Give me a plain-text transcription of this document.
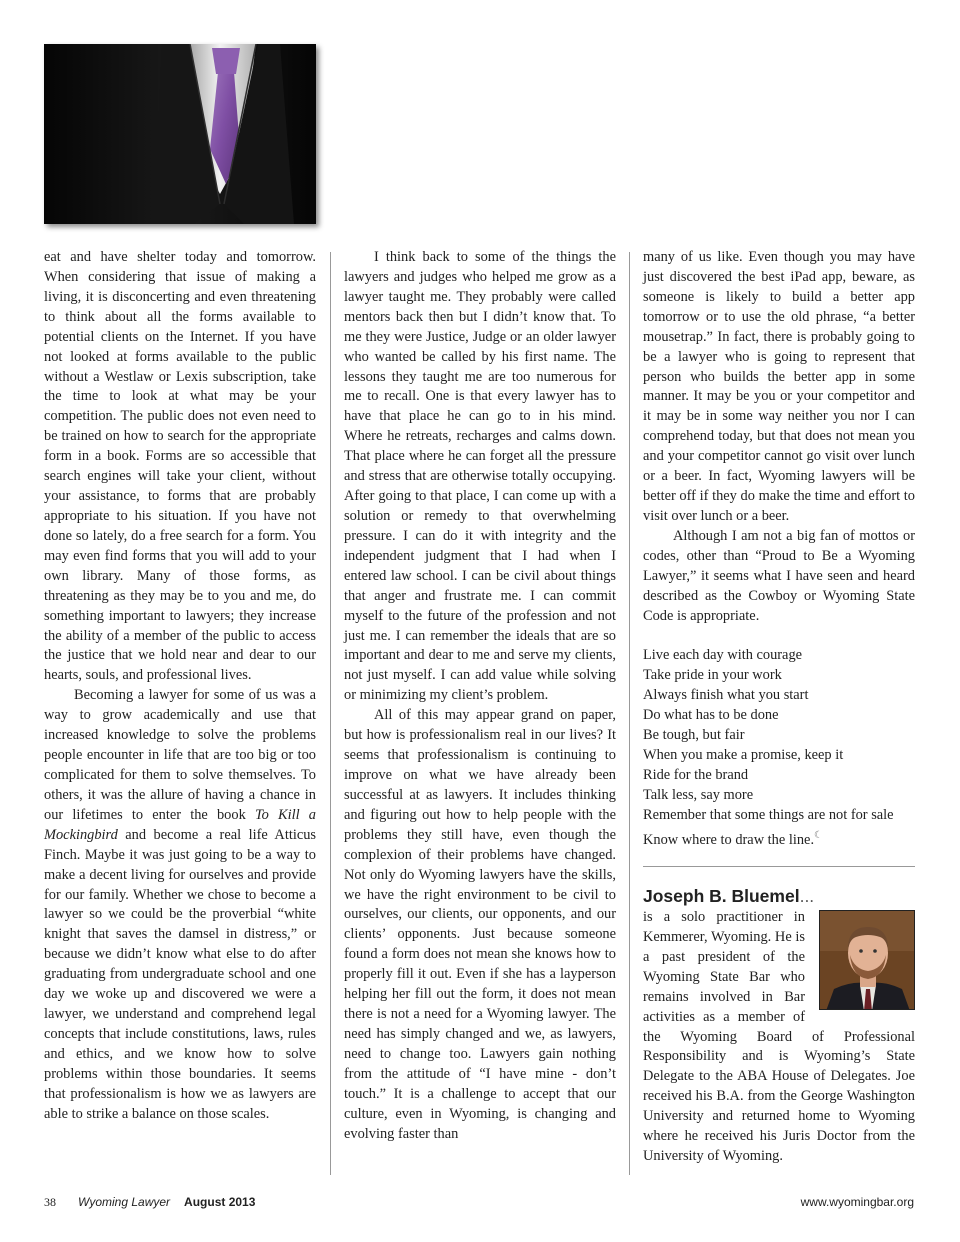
eat and have shelter today and tomorrow. When considering that issue of making a living, it is disconcerting and even threatening to think about all the forms available to potential clients on the Internet. If you have not looked at forms available to the public without a Westlaw or Lexis subscription, take the time to look at what may be your competition. The public does not even need to be trained on how to search for the appropriate form in a book. Forms are so accessible that search engines will take your client, without your assistance, to forms that are probably appropriate to his situation. If you have not done so lately, do a free search for a form. You may even find forms that you will add to your own library. Many of those forms, as threatening as they may be to you and me, do something important to lawyers; they increase the ability of a member of the public to access the justice that we hold near and dear to our hearts, souls, and professional lives.

Becoming a lawyer for some of us was a way to grow academically and use that increased knowledge to solve the problems people encounter in life that are too big or too complicated for them to solve themselves. To others, it was the allure of having a chance in our lifetimes to enter the book To Kill a Mockingbird and become a real life Atticus Finch. Maybe it was just going to be a way to make a decent living for ourselves and provide for our family. Whether we chose to become a lawyer so we could be the proverbial “white knight that saves the damsel in distress,” or because we didn’t know what else to do after graduating from undergraduate school and one day we woke up and discovered we were a lawyer, we understand and comprehend legal concepts that include constitutions, laws, rules and ethics, and we know how to solve problems within those boundaries. It seems that professionalism is how we as lawyers are able to strike a balance on those scales.

I think back to some of the things the lawyers and judges who helped me grow as a lawyer taught me. They probably were called mentors back then but I didn’t know that. To me they were Justice, Judge or an older lawyer who wanted be called by his first name. The lessons they taught me are too numerous for me to recall. One is that every lawyer has to have that place he can go to in his mind. Where he retreats, recharges and calms down. That place where he can forget all the pressure and stress that are otherwise totally occupying. After going to that place, I can come up with a solution or remedy to that overwhelming pressure. I can do it with integrity and the independent judgment that I had when I entered law school. I can be civil about things that anger and frustrate me. I can commit myself to the future of the profession and not just me. I can remember the ideals that are so important and dear to me and serve my clients, not just myself. I can add value while solving or minimizing my client’s problem.

All of this may appear grand on paper, but how is professionalism real in our lives? It seems that professionalism is continuing to improve on what we have already been successful at as lawyers. It includes thinking and figuring out how to help people with the problems they still have, even though the complexion of their problems have changed. Not only do Wyoming lawyers have the skills, we have the right environment to be civil to ourselves, our clients, our opponents, and our clients’ opponents. Just because someone found a form does not mean she knows how to properly fill it out. Even if she has a layperson helping her fill out the form, it does not mean there is not a need for a Wyoming lawyer. The need has simply changed and we, as lawyers, need to change too. Lawyers gain nothing from the attitude of “I have mine - don’t touch.” It is a challenge to accept that our culture, even in Wyoming, is changing and evolving faster than

many of us like. Even though you may have just discovered the best iPad app, beware, as someone is likely to build a better app tomorrow or to use the old phrase, “a better mousetrap.” In fact, there is probably going to be a lawyer who is going to represent that person who builds the better app in some manner. It may be you or your competitor and it may be in some way neither you nor I can comprehend today, but that does not mean you and your competitor cannot go visit over lunch or a beer. In fact, Wyoming lawyers will be better off if they do make the time and effort to visit over lunch or a beer.

Although I am not a big fan of mottos or codes, other than “Proud to Be a Wyoming Lawyer,” it seems what I have seen and heard described as the Cowboy or Wyoming State Code is appropriate.

Live each day with courage
Take pride in your work
Always finish what you start
Do what has to be done
Be tough, but fair
When you make a promise, keep it
Ride for the brand
Talk less, say more
Remember that some things are not for sale
Know where to draw the line.☾
Joseph B. Bluemel...
is a solo practitioner in Kemmerer, Wyoming. He is a past president of the Wyoming State Bar who remains involved in Bar activities as a member of the Wyoming Board of Professional Responsibility and is Wyoming’s State Delegate to the ABA House of Delegates. Joe received his B.A. from the George Washington University and returned home to Wyoming where he received his Juris Doctor from the University of Wyoming.
38 Wyoming Lawyer August 2013	www.wyomingbar.org
